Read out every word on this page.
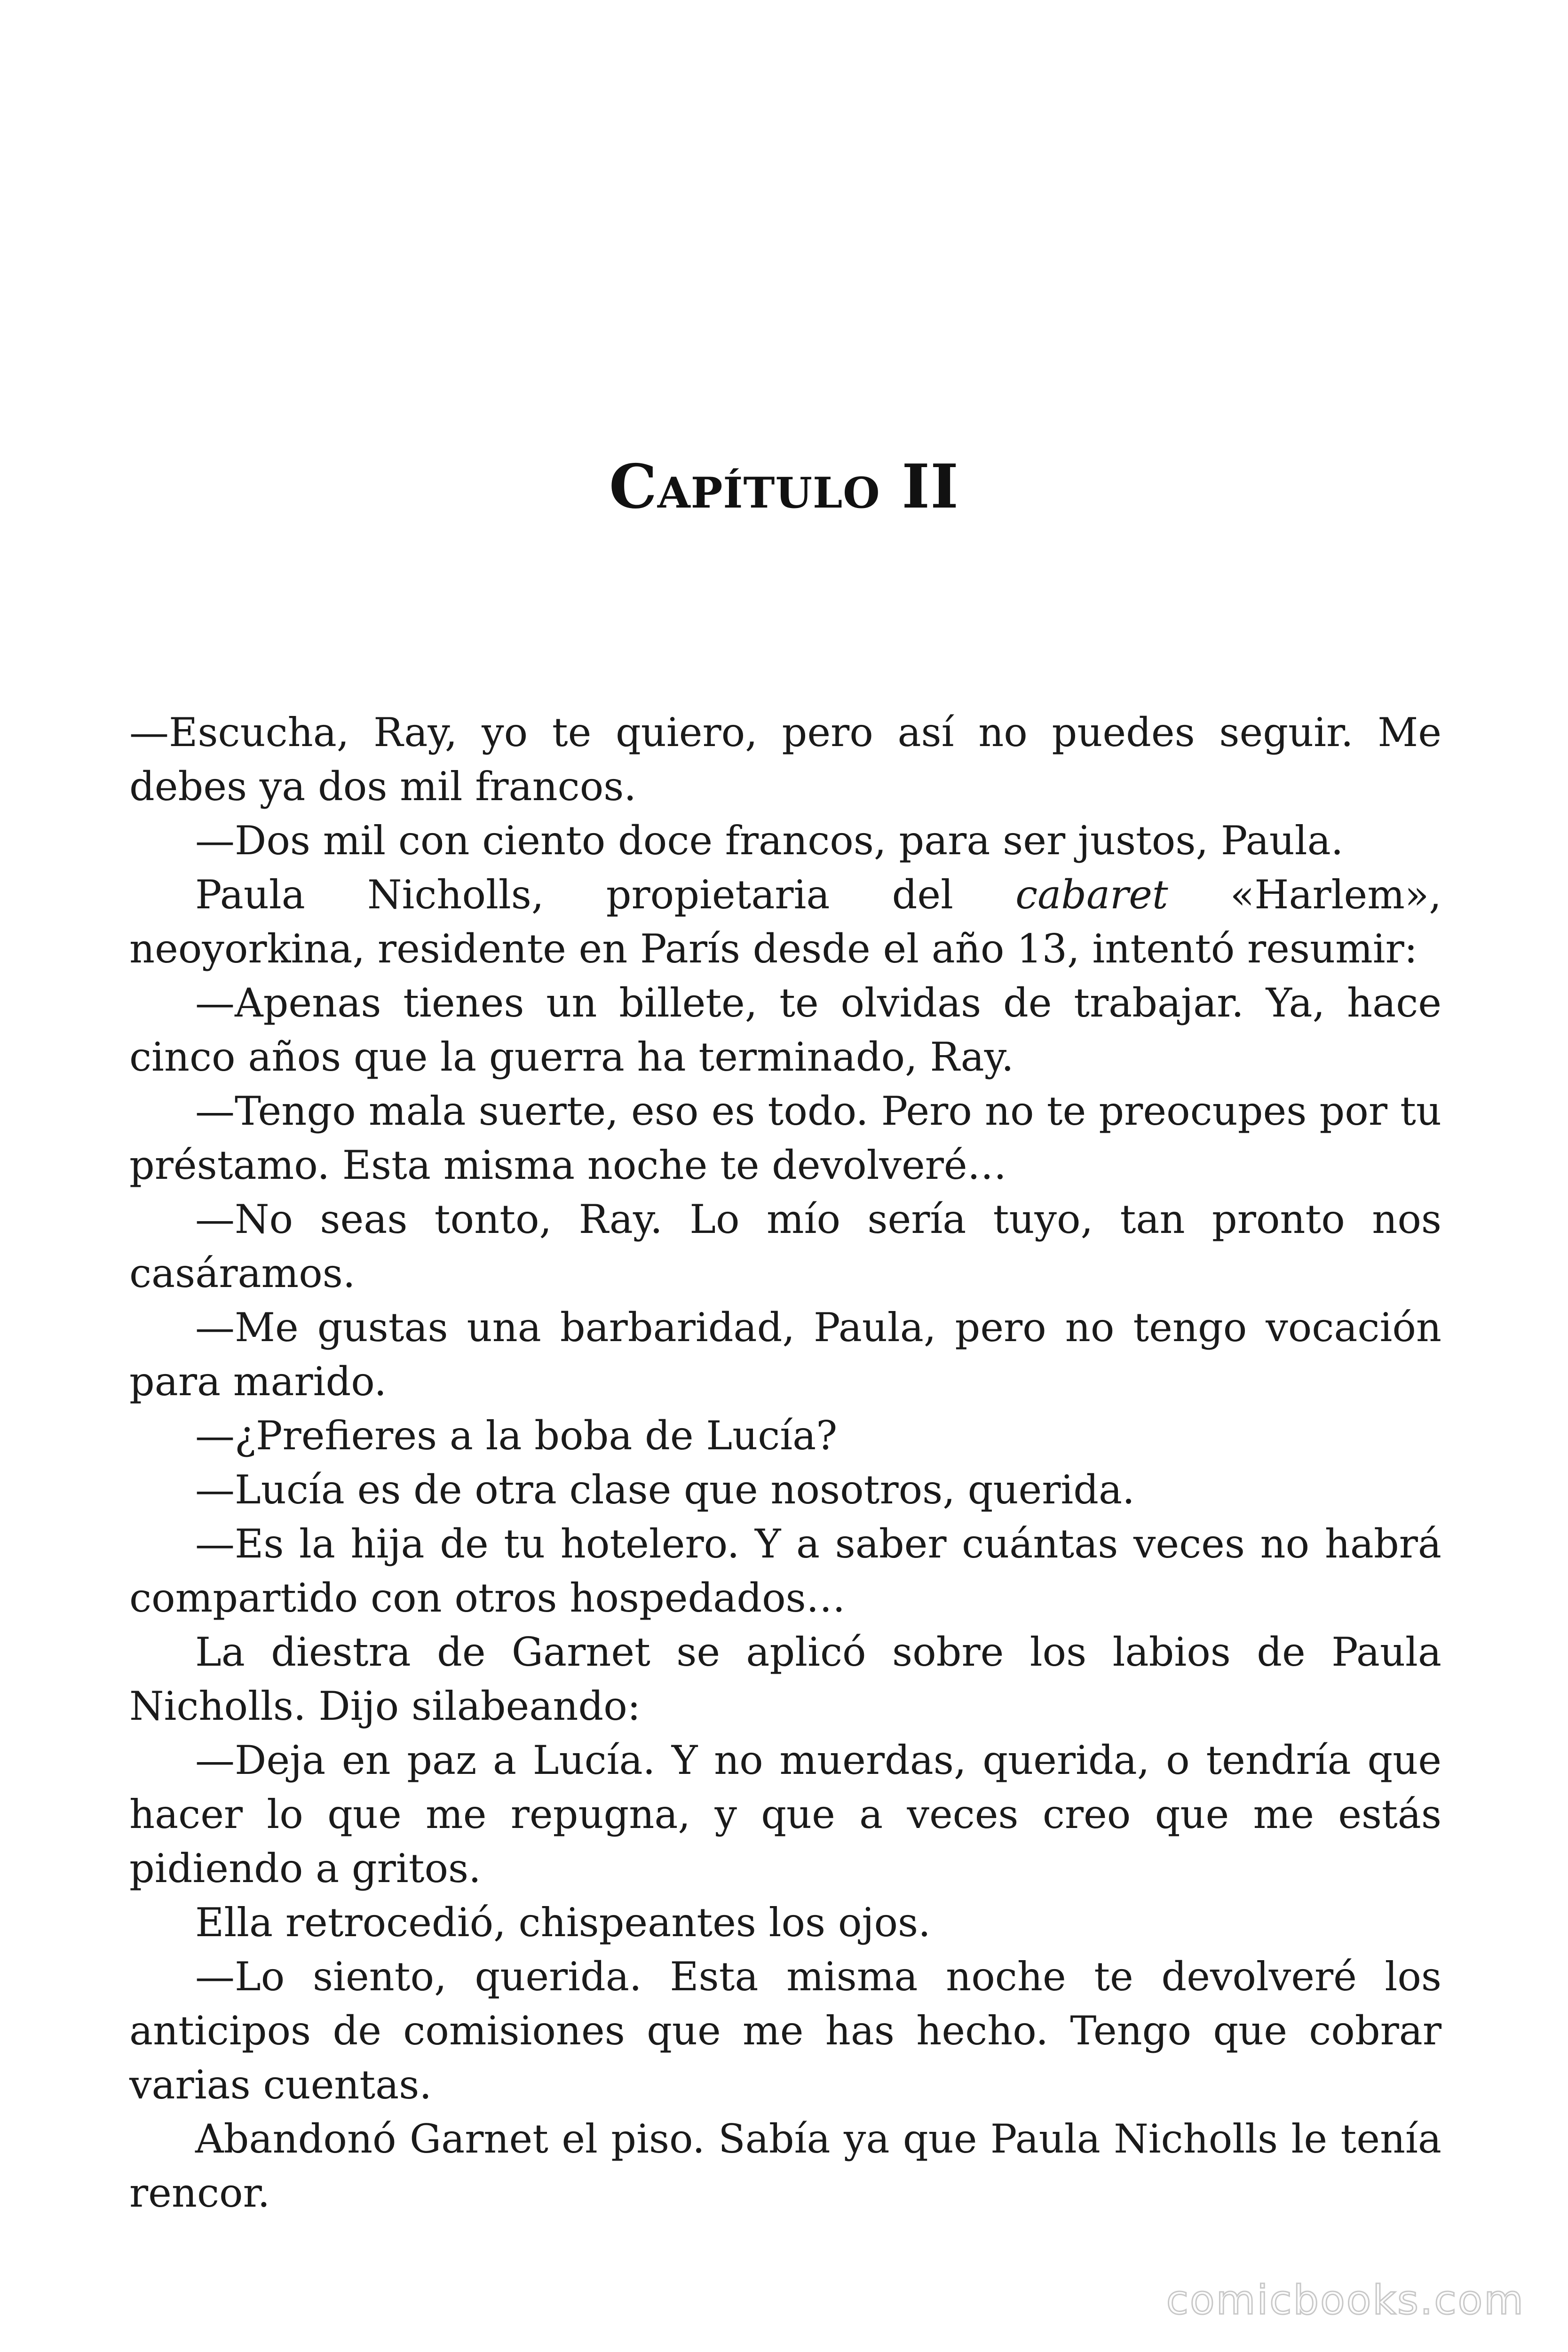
Capítulo II

—Escucha, Ray, yo te quiero, pero así no puedes seguir. Me debes ya dos mil francos.

—Dos mil con ciento doce francos, para ser justos, Paula.

Paula Nicholls, propietaria del cabaret «Harlem», neoyorkina, residente en París desde el año 13, intentó resumir:

—Apenas tienes un billete, te olvidas de trabajar. Ya, hace cinco años que la guerra ha terminado, Ray.

—Tengo mala suerte, eso es todo. Pero no te preocupes por tu préstamo. Esta misma noche te devolveré…

—No seas tonto, Ray. Lo mío sería tuyo, tan pronto nos casáramos.

—Me gustas una barbaridad, Paula, pero no tengo vocación para marido.

—¿Prefieres a la boba de Lucía?

—Lucía es de otra clase que nosotros, querida.

—Es la hija de tu hotelero. Y a saber cuántas veces no habrá compartido con otros hospedados…

La diestra de Garnet se aplicó sobre los labios de Paula Nicholls. Dijo silabeando:

—Deja en paz a Lucía. Y no muerdas, querida, o tendría que hacer lo que me repugna, y que a veces creo que me estás pidiendo a gritos.

Ella retrocedió, chispeantes los ojos.

—Lo siento, querida. Esta misma noche te devolveré los anticipos de comisiones que me has hecho. Tengo que cobrar varias cuentas.

Abandonó Garnet el piso. Sabía ya que Paula Nicholls le tenía rencor.

comicbooks.com
